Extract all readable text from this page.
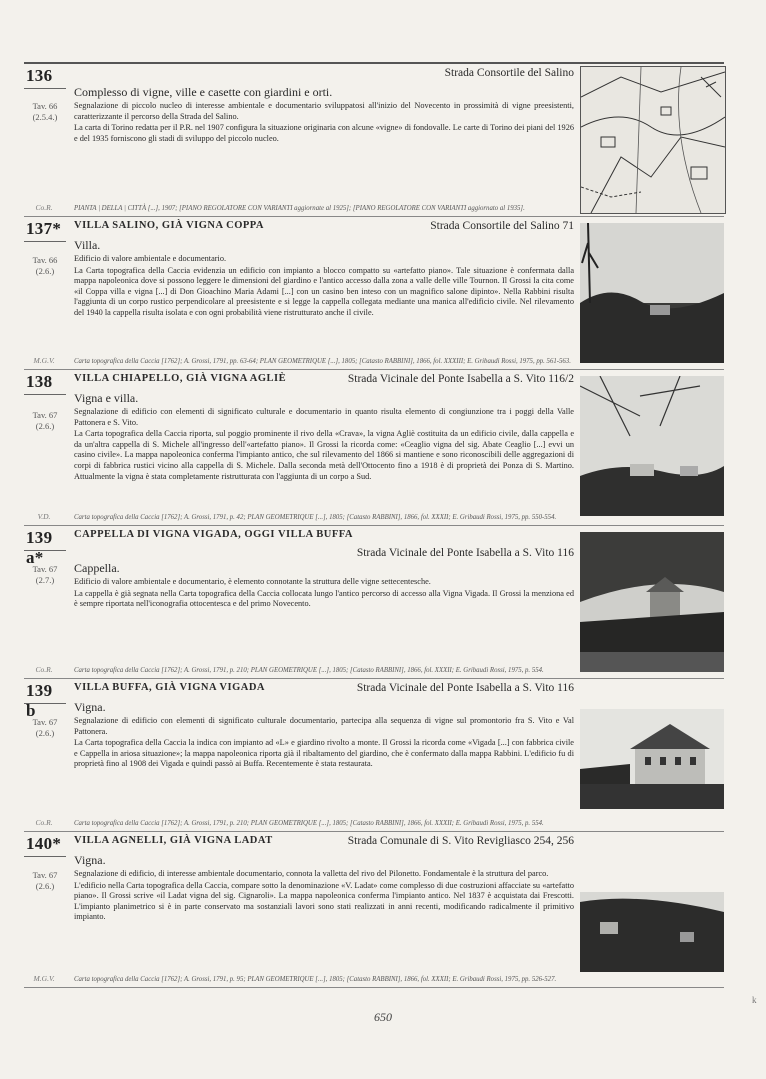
136
Tav. 66
(2.5.4.)
Co.R.
Strada Consortile del Salino
Complesso di vigne, ville e casette con giardini e orti.

Segnalazione di piccolo nucleo di interesse ambientale e documentario sviluppatosi all'inizio del Novecento in prossimità di vigne preesistenti, caratterizzante il percorso della Strada del Salino.

La carta di Torino redatta per il P.R. nel 1907 configura la situazione originaria con alcune «vigne» di fondovalle. Le carte di Torino dei piani del 1926 e del 1935 forniscono gli stadi di sviluppo del piccolo nucleo.

PIANTA | DELLA | CITTÀ [...], 1907; [PIANO REGOLATORE CON VARIANTI aggiornate al 1925]; [PIANO REGOLATORE CON VARIANTI aggiornato al 1935].
137*
Tav. 66
(2.6.)
M.G.V.
VILLA SALINO, GIÀ VIGNA COPPA	Strada Consortile del Salino 71
Villa.

Edificio di valore ambientale e documentario.

La Carta topografica della Caccia evidenzia un edificio con impianto a blocco compatto su «artefatto piano». Tale situazione è confermata dalla mappa napoleonica dove si possono leggere le dimensioni del giardino e l'antico accesso dalla zona a valle delle ville Tournon. Il Grossi la cita come «il Coppa villa e vigna [...] di Don Gioachino Maria Adami [...] con un casino ben inteso con un magnifico salone dipinto». Nella Rabbini risulta l'aggiunta di un corpo rustico perpendicolare al preesistente e si legge la cappella collegata mediante una manica all'edificio civile. Nel rilevamento del 1940 la cappella risulta isolata e con ogni probabilità viene ristrutturato anche il civile.

Carta topografica della Caccia [1762]; A. Grossi, 1791, pp. 63-64; PLAN GEOMETRIQUE [...], 1805; [Catasto RABBINI], 1866, fol. XXXIII; E. Gribaudi Rossi, 1975, pp. 561-563.
138
Tav. 67
(2.6.)
V.D.
VILLA CHIAPELLO, GIÀ VIGNA AGLIÈ	Strada Vicinale del Ponte Isabella a S. Vito 116/2
Vigna e villa.

Segnalazione di edificio con elementi di significato culturale e documentario in quanto risulta elemento di congiunzione tra i poggi della Valle Pattonera e S. Vito.

La Carta topografica della Caccia riporta, sul poggio prominente il rivo della «Crava», la vigna Agliè costituita da un edificio civile, dalla cappella e da un'altra cappella di S. Michele all'ingresso dell'«artefatto piano». Il Grossi la ricorda come: «Ceaglio vigna del sig. Abate Ceaglio [...] evvi un casino civile». La mappa napoleonica conferma l'impianto antico, che sul rilevamento del 1866 si mantiene e sono riconoscibili delle aggregazioni di corpi di fabbrica rustici vicino alla cappella di S. Michele. Dalla seconda metà dell'Ottocento fino a 1918 è di proprietà dei Ponza di S. Martino. Attualmente la vigna è stata completamente ristrutturata con l'aggiunta di un corpo a Sud.

Carta topografica della Caccia [1762]; A. Grossi, 1791, p. 42; PLAN GEOMETRIQUE [...], 1805; [Catasto RABBINI], 1866, fol. XXXII; E. Gribaudi Rossi, 1975, pp. 550-554.
139 a*
Tav. 67
(2.7.)
Co.R.
CAPPELLA DI VIGNA VIGADA, OGGI VILLA BUFFA
Strada Vicinale del Ponte Isabella a S. Vito 116
Cappella.

Edificio di valore ambientale e documentario, è elemento connotante la struttura delle vigne settecentesche.

La cappella è già segnata nella Carta topografica della Caccia collocata lungo l'antico percorso di accesso alla Vigna Vigada. Il Grossi la menziona ed è sempre riportata nell'iconografia ottocentesca e del primo Novecento.

Carta topografica della Caccia [1762]; A. Grossi, 1791, p. 210; PLAN GEOMETRIQUE [...], 1805; [Catasto RABBINI], 1866, fol. XXXII; E. Gribaudi Rossi, 1975, p. 554.
139 b
Tav. 67
(2.6.)
Co.R.
VILLA BUFFA, GIÀ VIGNA VIGADA	Strada Vicinale del Ponte Isabella a S. Vito 116
Vigna.

Segnalazione di edificio con elementi di significato culturale documentario, partecipa alla sequenza di vigne sul promontorio fra S. Vito e Val Pattonera.

La Carta topografica della Caccia la indica con impianto ad «L» e giardino rivolto a monte. Il Grossi la ricorda come «Vigada [...] con fabbrica civile e Cappella in ariosa situazione»; la mappa napoleonica riporta già il ribaltamento del giardino, che è confermato dalla mappa Rabbini. L'edificio fu di proprietà fino al 1908 dei Vigada e quindi passò ai Buffa. Recentemente è stata restaurata.

Carta topografica della Caccia [1762]; A. Grossi, 1791, p. 210; PLAN GEOMETRIQUE [...], 1805; [Catasto RABBINI], 1866, fol. XXXII; E. Gribaudi Rossi, 1975, p. 554.
140*
Tav. 67
(2.6.)
M.G.V.
VILLA AGNELLI, GIÀ VIGNA LADAT	Strada Comunale di S. Vito Revigliasco 254, 256
Vigna.

Segnalazione di edificio, di interesse ambientale documentario, connota la valletta del rivo del Pilonetto. Fondamentale è la struttura del parco.

L'edificio nella Carta topografica della Caccia, compare sotto la denominazione «V. Ladat» come complesso di due costruzioni affacciate su «artefatto piano». Il Grossi scrive «il Ladat vigna del sig. Cignaroli». La mappa napoleonica conferma l'impianto antico. Nel 1837 è acquistata dai Frescotti. L'impianto planimetrico si è in parte conservato ma sostanziali lavori sono stati realizzati in anni recenti, modificando radicalmente il primitivo impianto.

Carta topografica della Caccia [1762]; A. Grossi, 1791, p. 95; PLAN GEOMETRIQUE [...], 1805; [Catasto RABBINI], 1866, fol. XXXII; E. Gribaudi Rossi, 1975, pp. 526-527.
650
k
